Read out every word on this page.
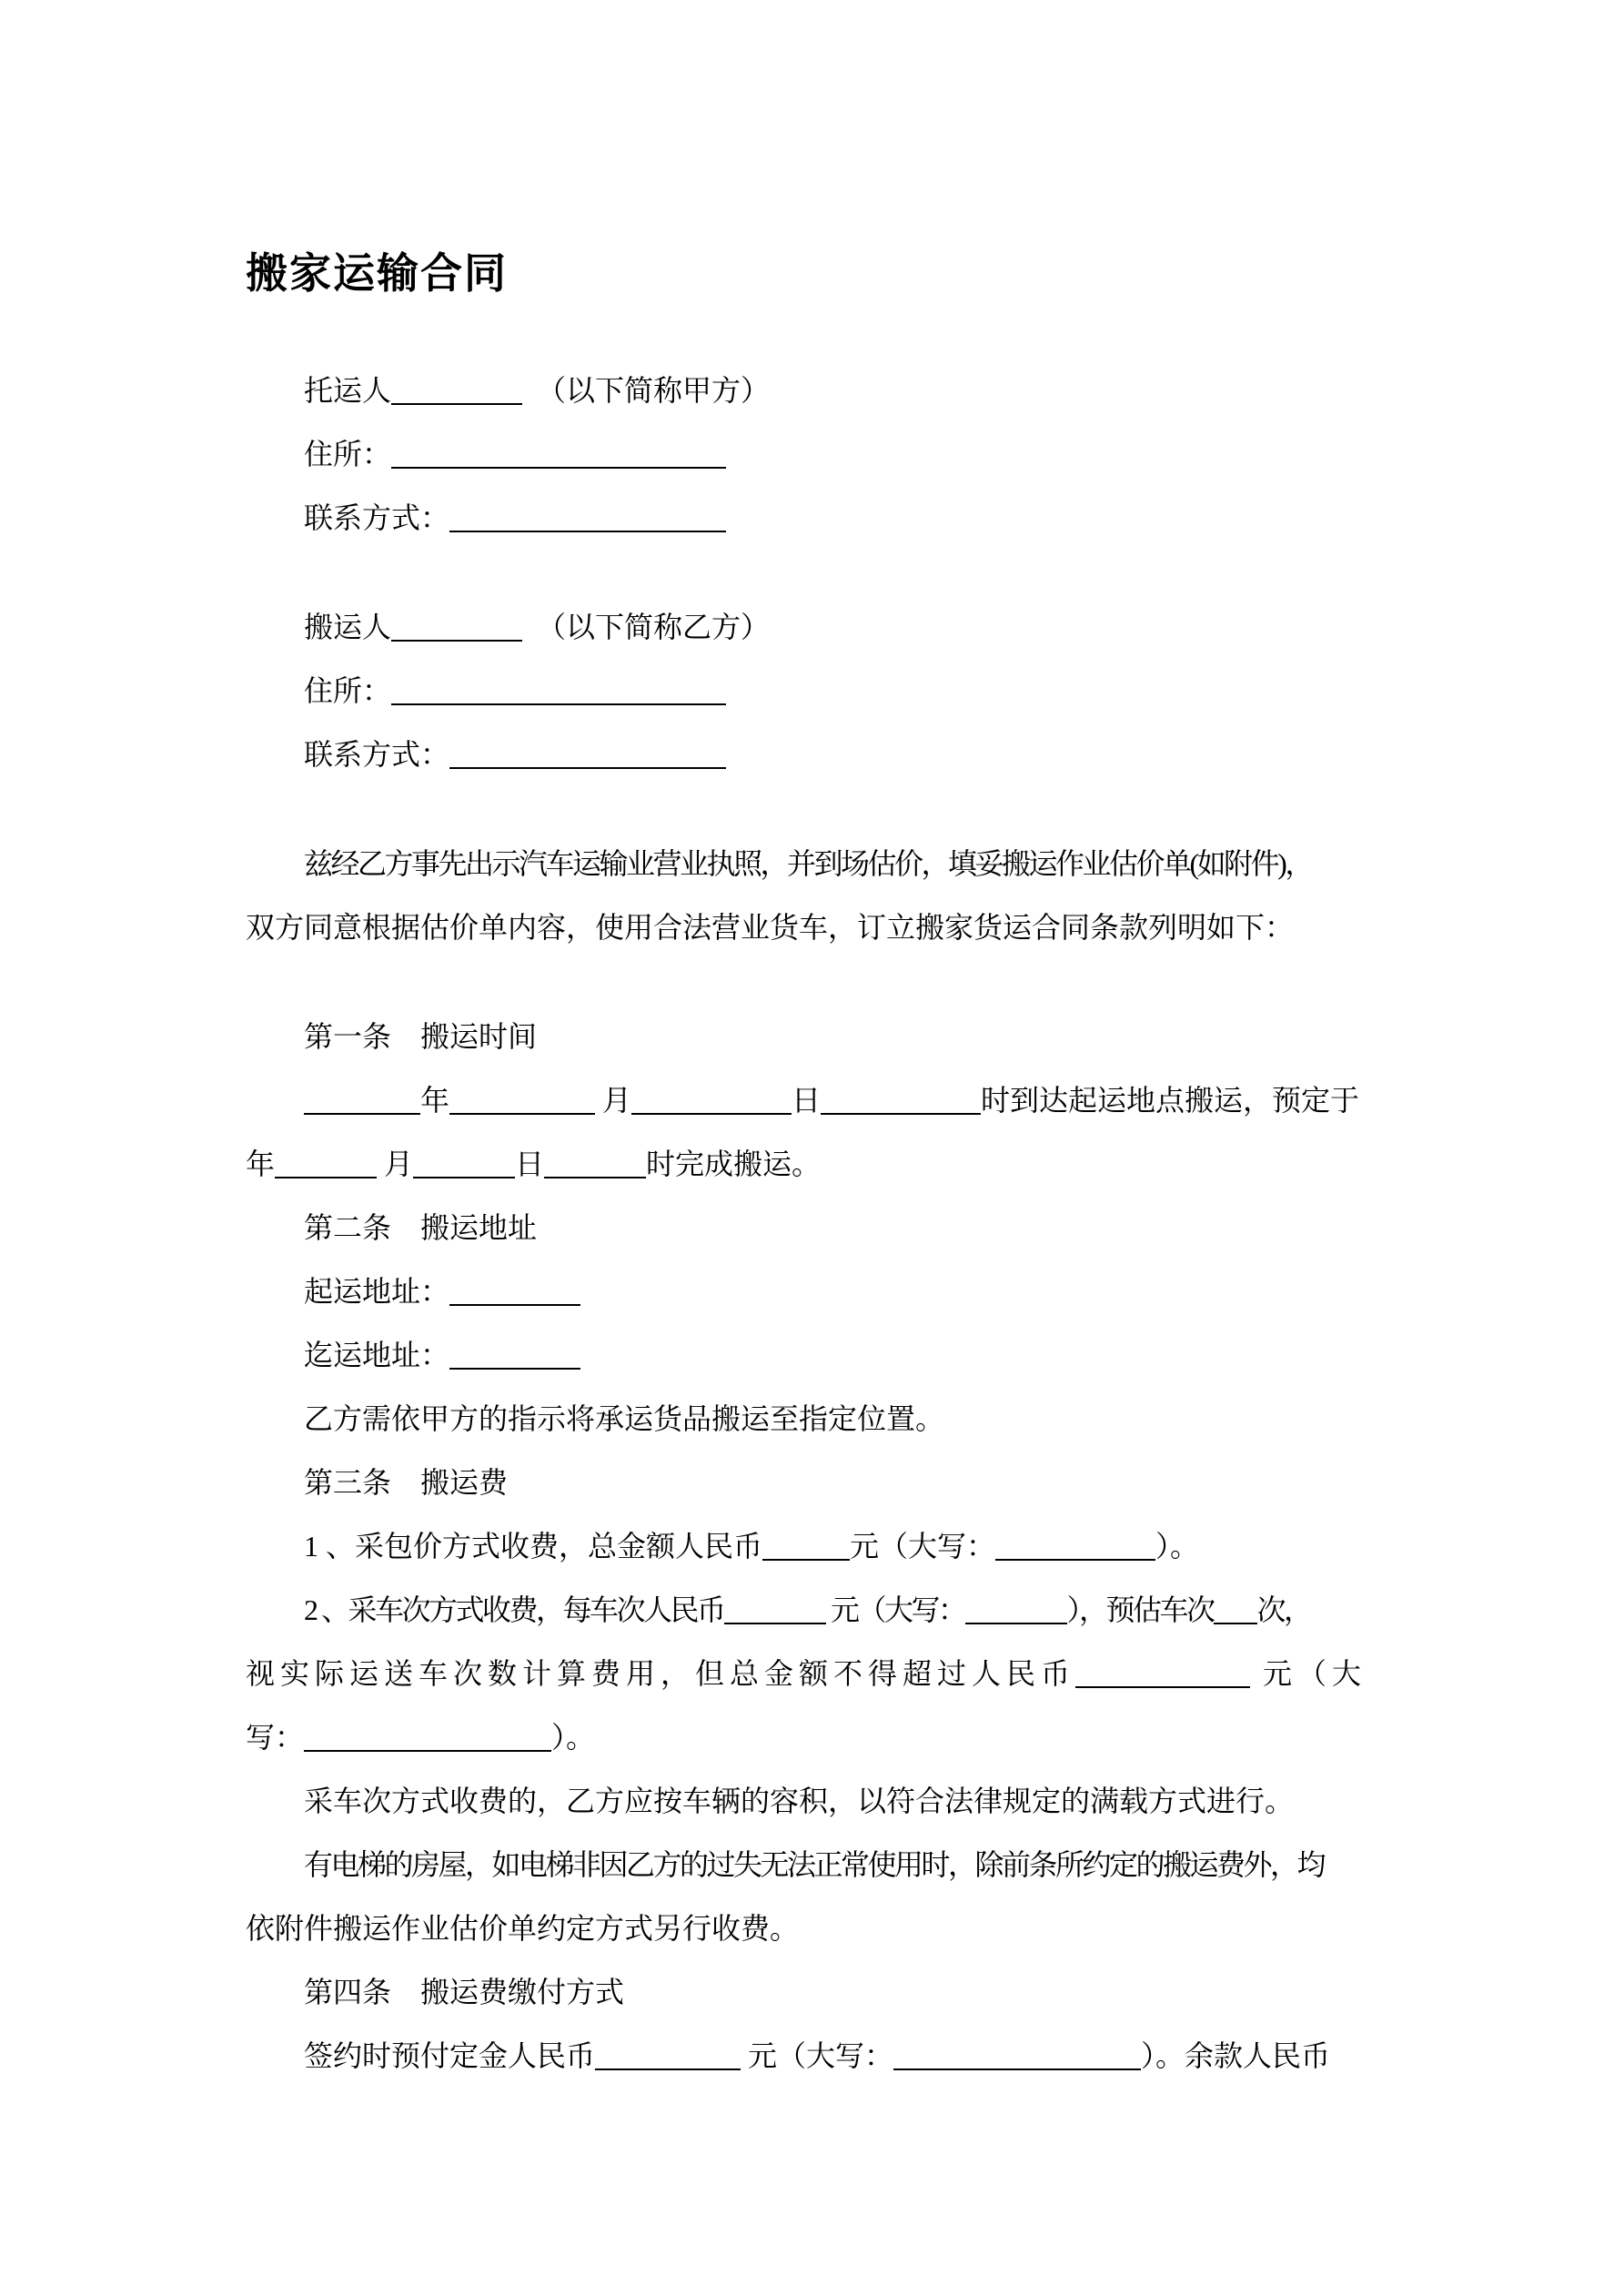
搬家运输合同
托运人	　（以下简称甲方）
住所：
联系方式：
搬运人	　（以下简称乙方）
住所：
联系方式：
兹经乙方事先出示汽车运输业营业执照，并到场估价，填妥搬运作业估价单(如附件)，
双方同意根据估价单内容，使用合法营业货车，订立搬家货运合同条款列明如下：
第一条　搬运时间
年	月	日	时到达起运地点搬运，预定于
年	月	日	时完成搬运。
第二条　搬运地址
起运地址：
迄运地址：
乙方需依甲方的指示将承运货品搬运至指定位置。
第三条　搬运费
1 、采包价方式收费，总金额人民币	元（大写：	）。
2 、采车次方式收费，每车次人民币	元（大写：	），预估车次 次，
视实际运送车次数计算费用，但总金额不得超过人民币	元（大
写：	）。
采车次方式收费的，乙方应按车辆的容积，以符合法律规定的满载方式进行。
有电梯的房屋，如电梯非因乙方的过失无法正常使用时，除前条所约定的搬运费外，均
依附件搬运作业估价单约定方式另行收费。
第四条　搬运费缴付方式
签约时预付定金人民币	元（大写：	）。余款人民币
